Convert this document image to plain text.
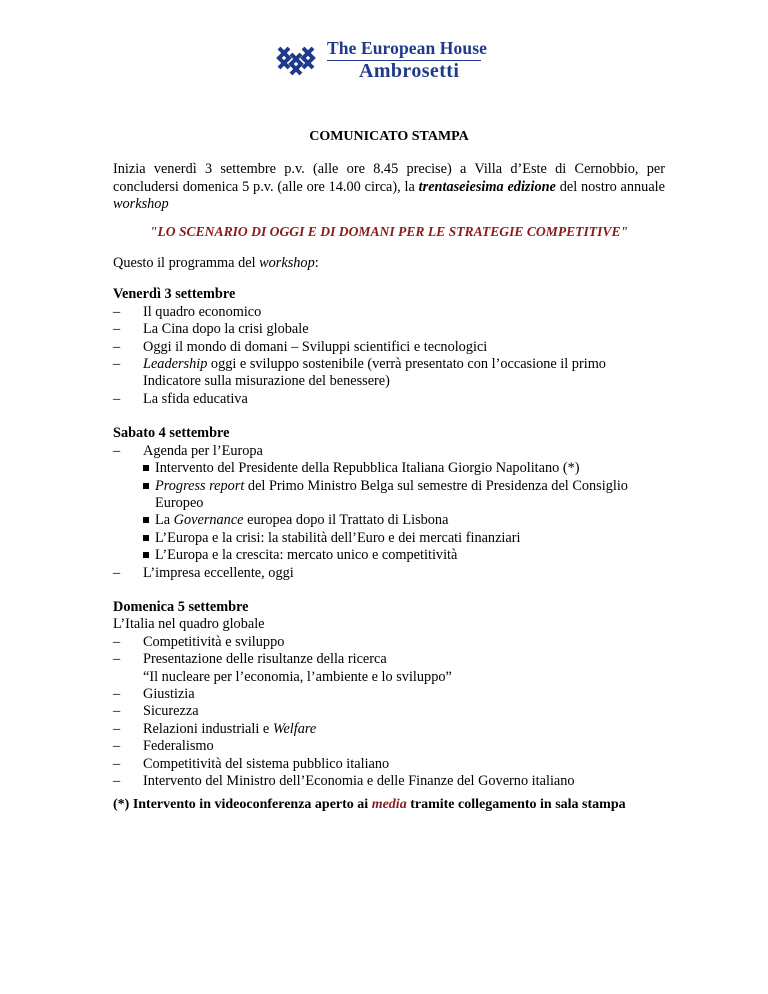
The European House
Ambrosetti

COMUNICATO STAMPA

Inizia venerdì 3 settembre p.v. (alle ore 8.45 precise) a Villa d’Este di Cernobbio, per concludersi domenica 5 p.v. (alle ore 14.00 circa), la trentaseiesima edizione del nostro annuale workshop

"LO SCENARIO DI OGGI E DI DOMANI PER LE STRATEGIE COMPETITIVE"

Questo il programma del workshop:

Venerdì 3 settembre

– Il quadro economico

– La Cina dopo la crisi globale

– Oggi il mondo di domani – Sviluppi scientifici e tecnologici

– Leadership oggi e sviluppo sostenibile (verrà presentato con l’occasione il primo Indicatore sulla misurazione del benessere)

– La sfida educativa

Sabato 4 settembre

– Agenda per l’Europa

Intervento del Presidente della Repubblica Italiana Giorgio Napolitano (*)

Progress report del Primo Ministro Belga sul semestre di Presidenza del Consiglio Europeo

La Governance europea dopo il Trattato di Lisbona

L’Europa e la crisi: la stabilità dell’Euro e dei mercati finanziari

L’Europa e la crescita: mercato unico e competitività

– L’impresa eccellente, oggi

Domenica 5 settembre

L’Italia nel quadro globale

– Competitività e sviluppo

– Presentazione delle risultanze della ricerca
“Il nucleare per l’economia, l’ambiente e lo sviluppo”

– Giustizia

– Sicurezza

– Relazioni industriali e Welfare

– Federalismo

– Competitività del sistema pubblico italiano

– Intervento del Ministro dell’Economia e delle Finanze del Governo italiano

(*) Intervento in videoconferenza aperto ai media tramite collegamento in sala stampa
